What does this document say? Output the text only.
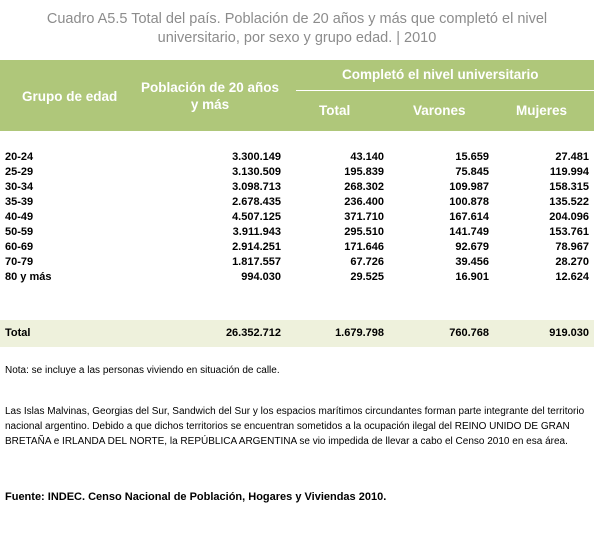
Cuadro A5.5 Total del país. Población de 20 años y más que completó el nivel
universitario, por sexo y grupo edad. | 2010
Grupo de edad
Población de 20 años
y más
Completó el nivel universitario
Total	Varones	Mujeres
20-24	3.300.149	43.140	15.659	27.481
25-29	3.130.509	195.839	75.845	119.994
30-34	3.098.713	268.302	109.987	158.315
35-39	2.678.435	236.400	100.878	135.522
40-49	4.507.125	371.710	167.614	204.096
50-59	3.911.943	295.510	141.749	153.761
60-69	2.914.251	171.646	92.679	78.967
70-79	1.817.557	67.726	39.456	28.270
80 y más	994.030	29.525	16.901	12.624
Total	26.352.712	1.679.798	760.768	919.030
Nota: se incluye a las personas viviendo en situación de calle.
Las Islas Malvinas, Georgias del Sur, Sandwich del Sur y los espacios marítimos circundantes forman parte integrante del territorio nacional argentino. Debido a que dichos territorios se encuentran sometidos a la ocupación ilegal del REINO UNIDO DE GRAN BRETAÑA e IRLANDA DEL NORTE, la REPÚBLICA ARGENTINA se vio impedida de llevar a cabo el Censo 2010 en esa área.
Fuente: INDEC. Censo Nacional de Población, Hogares y Viviendas 2010.
